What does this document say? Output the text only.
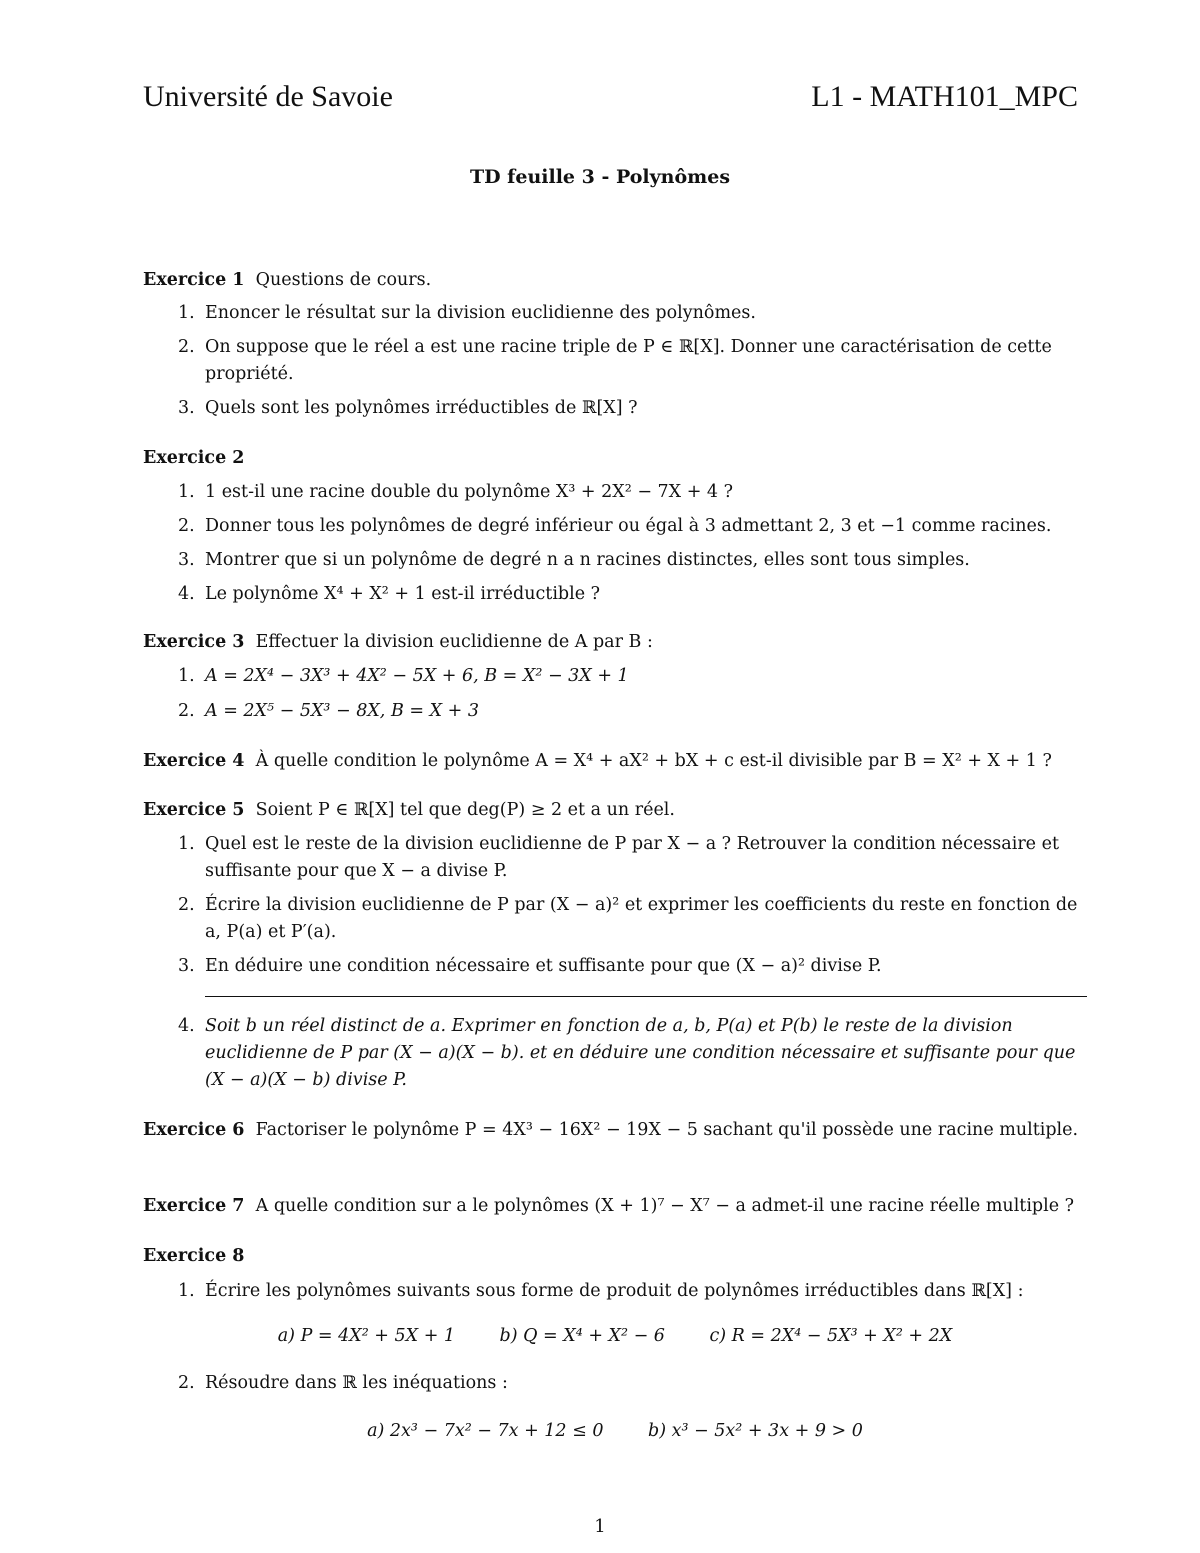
Université de Savoie	L1 - MATH101_MPC
TD feuille 3 - Polynômes
Exercice 1 Questions de cours.
1. Enoncer le résultat sur la division euclidienne des polynômes.
2. On suppose que le réel a est une racine triple de P ∈ ℝ[X]. Donner une caractérisation de cette propriété.
3. Quels sont les polynômes irréductibles de ℝ[X] ?
Exercice 2
1. 1 est-il une racine double du polynôme X³ + 2X² − 7X + 4 ?
2. Donner tous les polynômes de degré inférieur ou égal à 3 admettant 2, 3 et −1 comme racines.
3. Montrer que si un polynôme de degré n a n racines distinctes, elles sont tous simples.
4. Le polynôme X⁴ + X² + 1 est-il irréductible ?
Exercice 3 Effectuer la division euclidienne de A par B :
1. A = 2X⁴ − 3X³ + 4X² − 5X + 6, B = X² − 3X + 1
2. A = 2X⁵ − 5X³ − 8X, B = X + 3
Exercice 4 À quelle condition le polynôme A = X⁴ + aX² + bX + c est-il divisible par B = X² + X + 1 ?
Exercice 5 Soient P ∈ ℝ[X] tel que deg(P) ≥ 2 et a un réel.
1. Quel est le reste de la division euclidienne de P par X − a ? Retrouver la condition nécessaire et suffisante pour que X − a divise P.
2. Écrire la division euclidienne de P par (X − a)² et exprimer les coefficients du reste en fonction de a, P(a) et P′(a).
3. En déduire une condition nécessaire et suffisante pour que (X − a)² divise P.
4. Soit b un réel distinct de a. Exprimer en fonction de a, b, P(a) et P(b) le reste de la division euclidienne de P par (X − a)(X − b). et en déduire une condition nécessaire et suffisante pour que (X − a)(X − b) divise P.
Exercice 6 Factoriser le polynôme P = 4X³ − 16X² − 19X − 5 sachant qu'il possède une racine multiple.
Exercice 7 A quelle condition sur a le polynômes (X + 1)⁷ − X⁷ − a admet-il une racine réelle multiple ?
Exercice 8
1. Écrire les polynômes suivants sous forme de produit de polynômes irréductibles dans ℝ[X] :
a) P = 4X² + 5X + 1        b) Q = X⁴ + X² − 6        c) R = 2X⁴ − 5X³ + X² + 2X
2. Résoudre dans ℝ les inéquations :
a) 2x³ − 7x² − 7x + 12 ≤ 0        b) x³ − 5x² + 3x + 9 > 0
1
